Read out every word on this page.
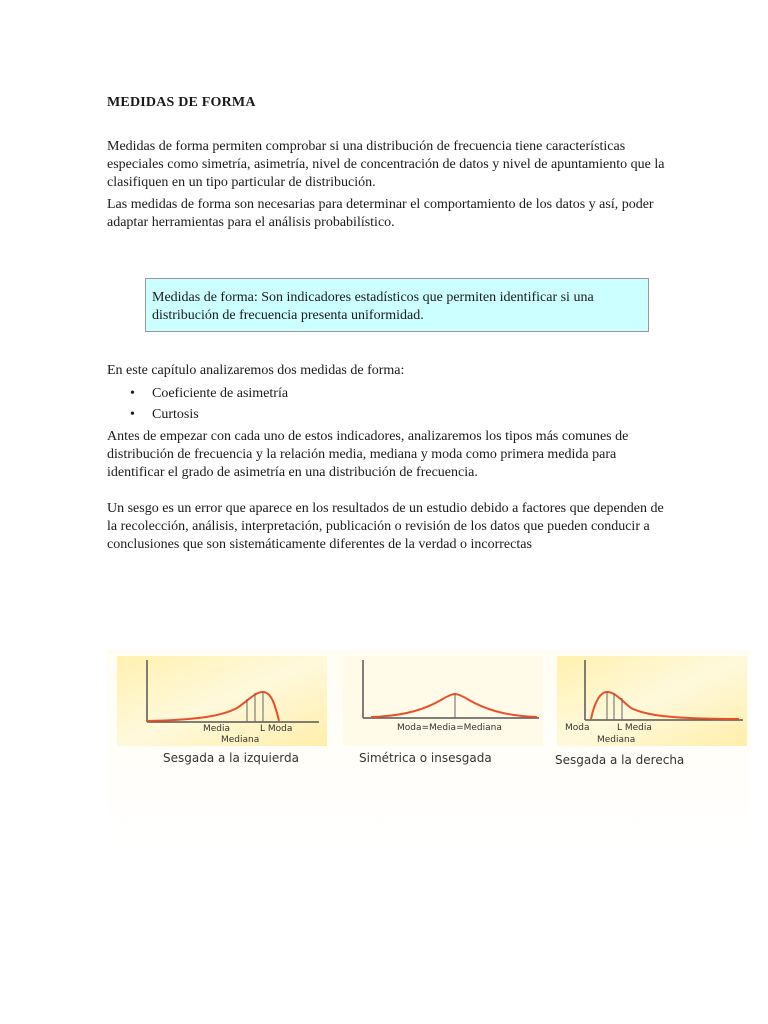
MEDIDAS DE FORMA

Medidas de forma permiten comprobar si una distribución de frecuencia tiene características especiales como simetría, asimetría, nivel de concentración de datos y nivel de apuntamiento que la clasifiquen en un tipo particular de distribución.

Las medidas de forma son necesarias para determinar el comportamiento de los datos y así, poder adaptar herramientas para el análisis probabilístico.

Medidas de forma: Son indicadores estadísticos que permiten identificar si una distribución de frecuencia presenta uniformidad.

En este capítulo analizaremos dos medidas de forma:

• Coeficiente de asimetría
• Curtosis

Antes de empezar con cada uno de estos indicadores, analizaremos los tipos más comunes de distribución de frecuencia y la relación media, mediana y moda como primera medida para identificar el grado de asimetría en una distribución de frecuencia.

Un sesgo es un error que aparece en los resultados de un estudio debido a factores que dependen de la recolección, análisis, interpretación, publicación o revisión de los datos que pueden conducir a conclusiones que son sistemáticamente diferentes de la verdad o incorrectas

Media	L Moda
Mediana
Sesgada a la izquierda
Moda=Media=Mediana
Simétrica o insesgada
Moda	L Media
Mediana
Sesgada a la derecha
